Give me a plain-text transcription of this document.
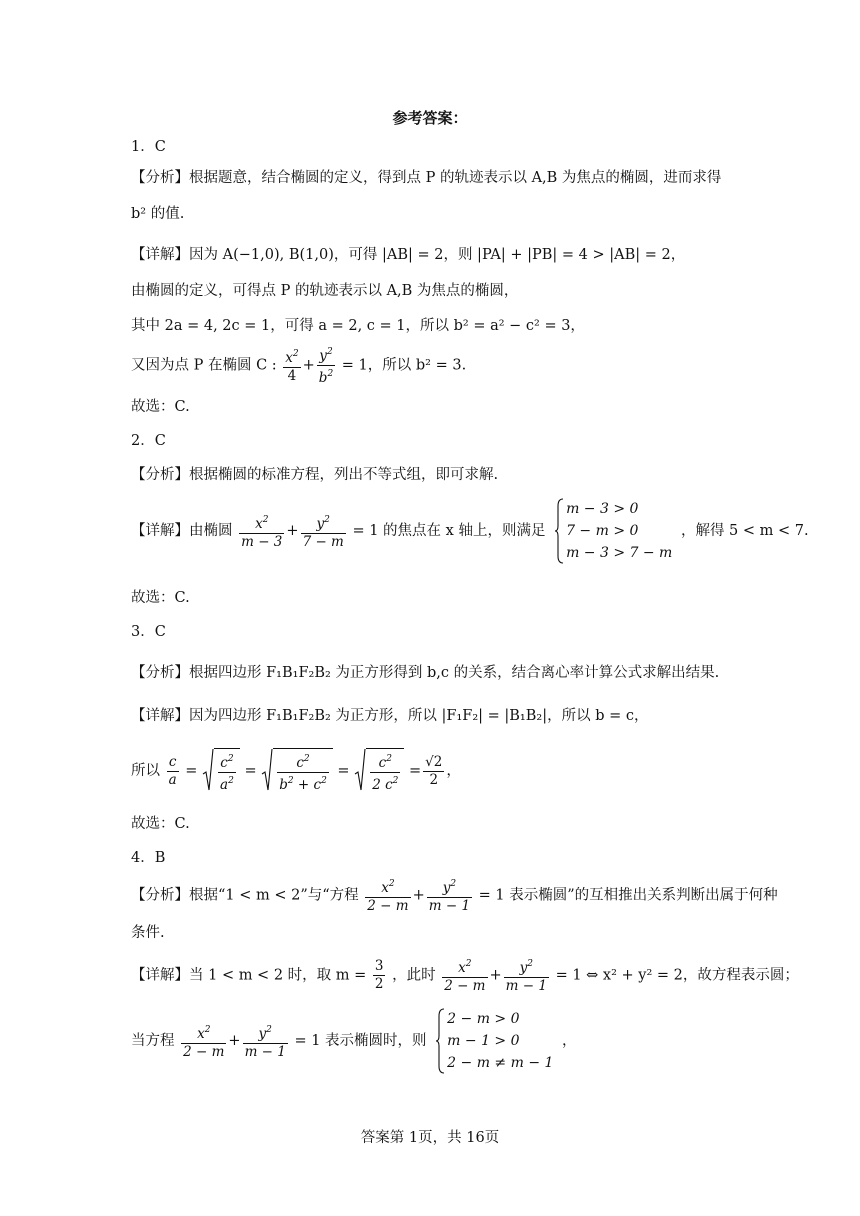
参考答案：
1．C
【分析】根据题意，结合椭圆的定义，得到点 P 的轨迹表示以 A,B 为焦点的椭圆，进而求得
b² 的值.
【详解】因为 A(−1,0), B(1,0)，可得 |AB| = 2，则 |PA| + |PB| = 4 > |AB| = 2，
由椭圆的定义，可得点 P 的轨迹表示以 A,B 为焦点的椭圆，
其中 2a = 4, 2c = 1，可得 a = 2, c = 1，所以 b² = a² − c² = 3，
又因为点 P 在椭圆 C : $\frac{x^2}{4} + \frac{y^2}{b^2} = 1$，所以 b² = 3.
故选：C.
2．C
【分析】根据椭圆的标准方程，列出不等式组，即可求解.
【详解】由椭圆 $\frac{x^2}{m - 3} + \frac{y^2}{7 - m} = 1$ 的焦点在 x 轴上，则满足
m − 3 > 0
7 − m > 0
m − 3 > 7 − m
，解得 5 < m < 7.
故选：C.
3．C
【分析】根据四边形 F₁B₁F₂B₂ 为正方形得到 b,c 的关系，结合离心率计算公式求解出结果.
【详解】因为四边形 F₁B₁F₂B₂ 为正方形，所以 |F₁F₂| = |B₁B₂|，所以 b = c，
所以 $\frac{c}{a} = \frac{c^2}{a^2} = \frac{c^2}{b^2 + c^2} = \frac{c^2}{2 c^2} = \frac{√2}{2}$ ，
故选：C.
4．B
【分析】根据“1 < m < 2”与“方程 $\frac{x^2}{2 - m} + \frac{y^2}{m - 1} = 1$ 表示椭圆”的互相推出关系判断出属于何种
条件.
【详解】当 1 < m < 2 时，取 $m = \frac{3}{2}$ ，此时 $\frac{x^2}{2 - m} + \frac{y^2}{m - 1} = 1$ ⇔ x² + y² = 2，故方程表示圆；
当方程 $\frac{x^2}{2 - m} + \frac{y^2}{m - 1} = 1$ 表示椭圆时，则
2 − m > 0
m − 1 > 0
2 − m ≠ m − 1
，
答案第 1页，共 16页
